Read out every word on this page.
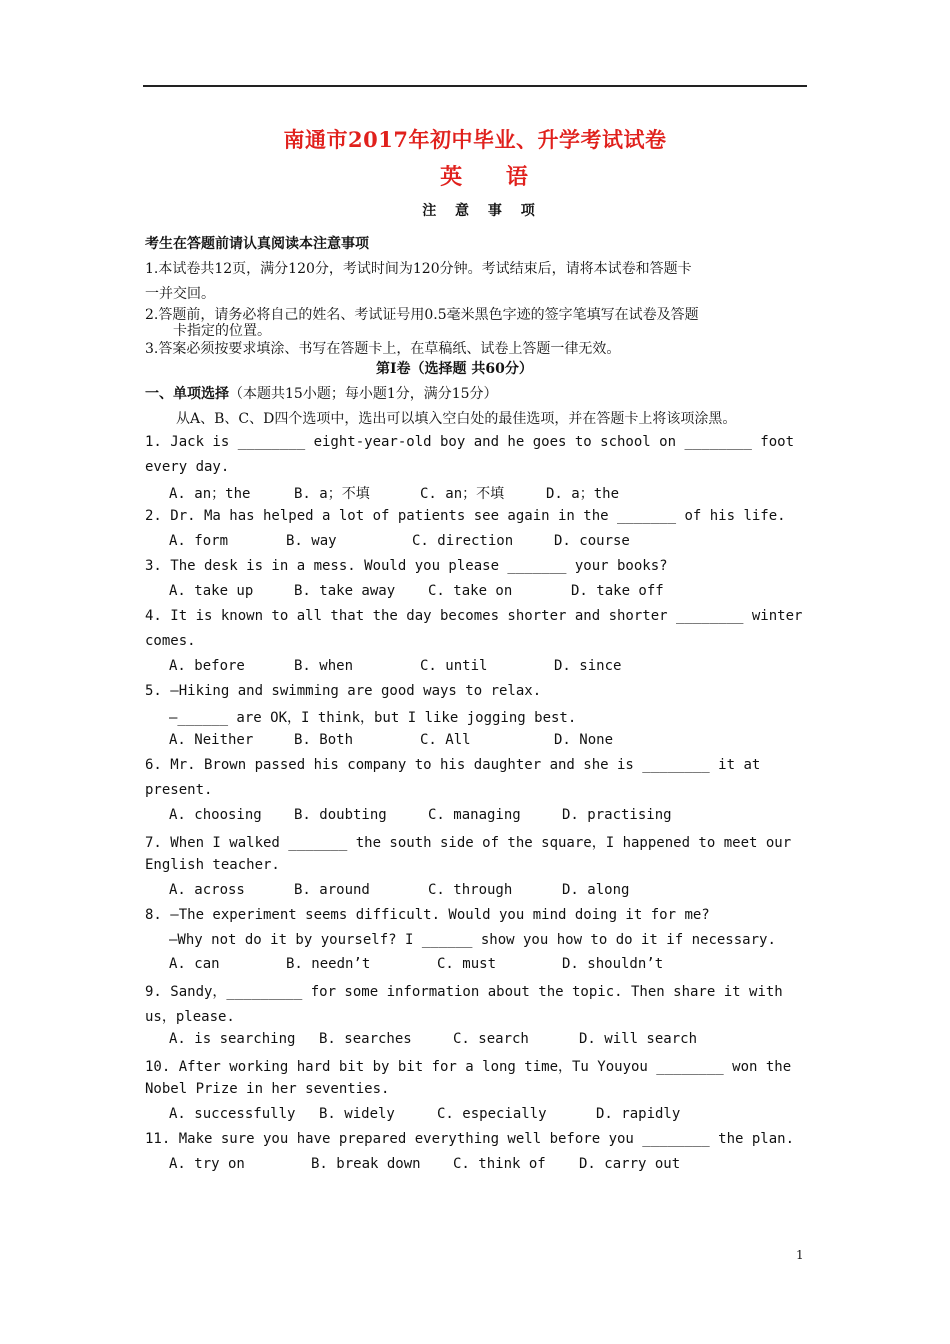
南通市2017年初中毕业、升学考试试卷
英 语
注 意 事 项
考生在答题前请认真阅读本注意事项
1.本试卷共12页，满分120分，考试时间为120分钟。考试结束后，请将本试卷和答题卡
一并交回。
2.答题前，请务必将自己的姓名、考试证号用0.5毫米黑色字迹的签字笔填写在试卷及答题
卡指定的位置。
3.答案必须按要求填涂、书写在答题卡上，在草稿纸、试卷上答题一律无效。
第Ⅰ卷（选择题 共60分）
一、单项选择（本题共15小题；每小题1分，满分15分）
从A、B、C、D四个选项中，选出可以填入空白处的最佳选项，并在答题卡上将该项涂黑。
1. Jack is ________ eight-year-old boy and he goes to school on ________ foot
every day.
A. an；the	B. a；不填	C. an；不填	D. a；the
2. Dr. Ma has helped a lot of patients see again in the _______ of his life.
A. form	B. way	C. direction	D. course
3. The desk is in a mess. Would you please _______ your books?
A. take up	B. take away C. take on	D. take off
4. It is known to all that the day becomes shorter and shorter ________ winter
comes.
A. before	B. when	C. until	D. since
5. —Hiking and swimming are good ways to relax.
—______ are OK，I think，but I like jogging best.
A. Neither	B. Both	C. All	D. None
6. Mr. Brown passed his company to his daughter and she is ________ it at
present.
A. choosing B. doubting	C. managing	D. practising
7. When I walked _______ the south side of the square，I happened to meet our
English teacher.
A. across	B. around	C. through	D. along
8. —The experiment seems difficult. Would you mind doing it for me?
—Why not do it by yourself? I ______ show you how to do it if necessary.
A. can	B. needn’t	C. must	D. shouldn’t
9. Sandy，_________ for some information about the topic. Then share it with
us，please.
A. is searching B. searches	C. search	D. will search
10. After working hard bit by bit for a long time，Tu Youyou ________ won the
Nobel Prize in her seventies.
A. successfully B. widely	C. especially	D. rapidly
11. Make sure you have prepared everything well before you ________ the plan.
A. try on	B. break down C. think of D. carry out
1
